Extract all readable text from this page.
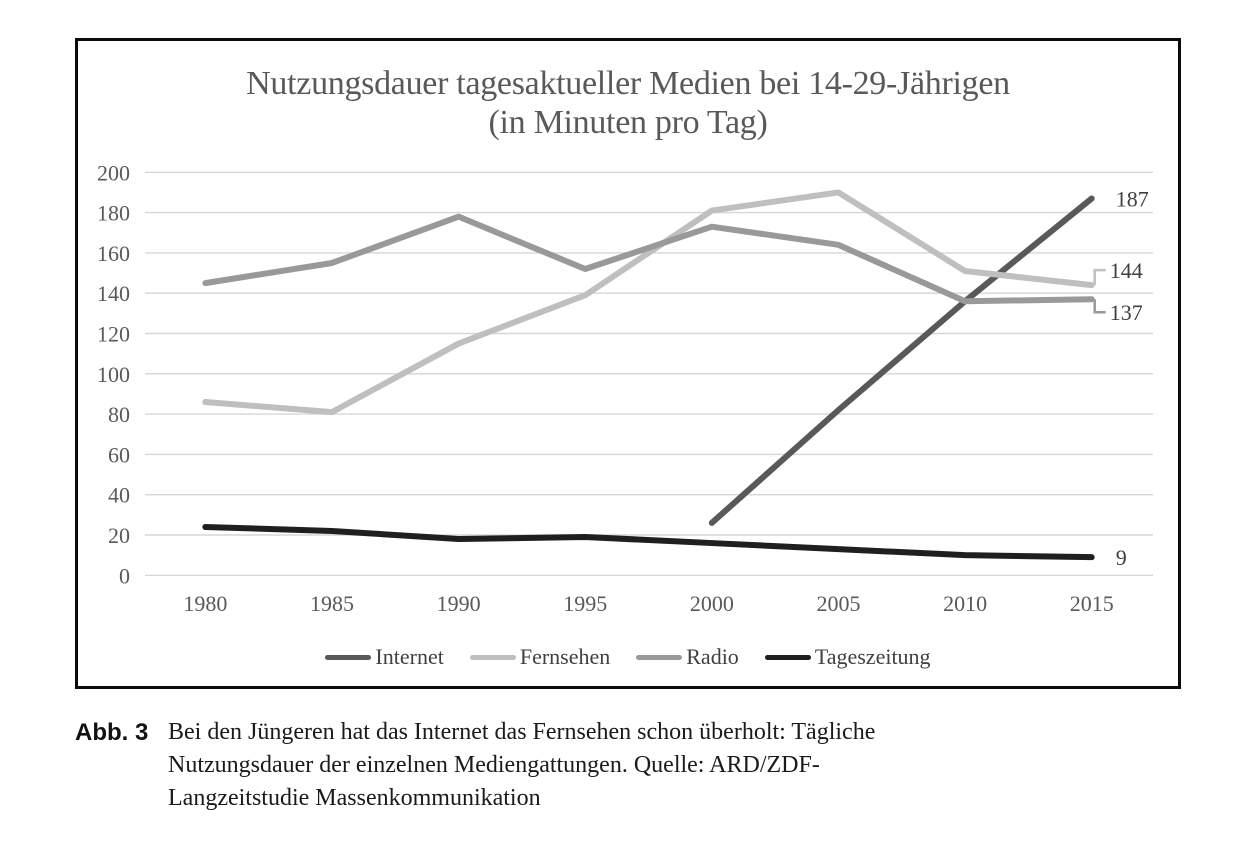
Nutzungsdauer tagesaktueller Medien bei 14-29-Jährigen
(in Minuten pro Tag)
0
20
40
60
80
100
120
140
160
180
200
1980	1985	1990	1995	2000	2005	2010	2015
187
144
137
9
Internet	Fernsehen	Radio	Tageszeitung
Abb. 3 Bei den Jüngeren hat das Internet das Fernsehen schon überholt: Tägliche
Nutzungsdauer der einzelnen Mediengattungen. Quelle: ARD/ZDF-
Langzeitstudie Massenkommunikation
